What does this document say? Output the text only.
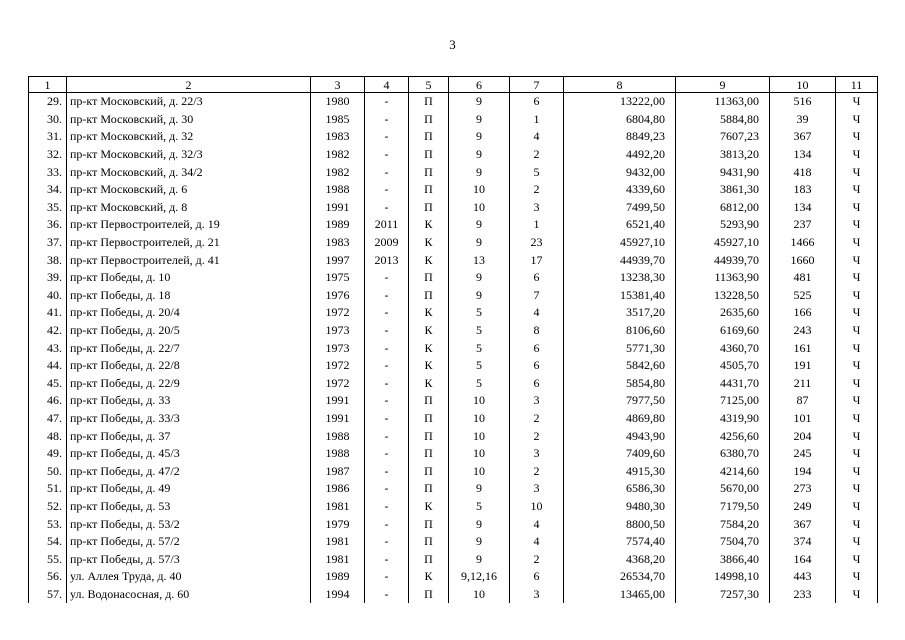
3
1	2	3	4	5	6	7	8	9	10	11
29.	пр-кт Московский, д. 22/3	1980	-	П	9	6	13222,00	11363,00	516	Ч
30.	пр-кт Московский, д. 30	1985	-	П	9	1	6804,80	5884,80	39	Ч
31.	пр-кт Московский, д. 32	1983	-	П	9	4	8849,23	7607,23	367	Ч
32.	пр-кт Московский, д. 32/3	1982	-	П	9	2	4492,20	3813,20	134	Ч
33.	пр-кт Московский, д. 34/2	1982	-	П	9	5	9432,00	9431,90	418	Ч
34.	пр-кт Московский, д. 6	1988	-	П	10	2	4339,60	3861,30	183	Ч
35.	пр-кт Московский, д. 8	1991	-	П	10	3	7499,50	6812,00	134	Ч
36.	пр-кт Первостроителей, д. 19	1989	2011	К	9	1	6521,40	5293,90	237	Ч
37.	пр-кт Первостроителей, д. 21	1983	2009	К	9	23	45927,10	45927,10	1466	Ч
38.	пр-кт Первостроителей, д. 41	1997	2013	К	13	17	44939,70	44939,70	1660	Ч
39.	пр-кт Победы, д. 10	1975	-	П	9	6	13238,30	11363,90	481	Ч
40.	пр-кт Победы, д. 18	1976	-	П	9	7	15381,40	13228,50	525	Ч
41.	пр-кт Победы, д. 20/4	1972	-	К	5	4	3517,20	2635,60	166	Ч
42.	пр-кт Победы, д. 20/5	1973	-	К	5	8	8106,60	6169,60	243	Ч
43.	пр-кт Победы, д. 22/7	1973	-	К	5	6	5771,30	4360,70	161	Ч
44.	пр-кт Победы, д. 22/8	1972	-	К	5	6	5842,60	4505,70	191	Ч
45.	пр-кт Победы, д. 22/9	1972	-	К	5	6	5854,80	4431,70	211	Ч
46.	пр-кт Победы, д. 33	1991	-	П	10	3	7977,50	7125,00	87	Ч
47.	пр-кт Победы, д. 33/3	1991	-	П	10	2	4869,80	4319,90	101	Ч
48.	пр-кт Победы, д. 37	1988	-	П	10	2	4943,90	4256,60	204	Ч
49.	пр-кт Победы, д. 45/3	1988	-	П	10	3	7409,60	6380,70	245	Ч
50.	пр-кт Победы, д. 47/2	1987	-	П	10	2	4915,30	4214,60	194	Ч
51.	пр-кт Победы, д. 49	1986	-	П	9	3	6586,30	5670,00	273	Ч
52.	пр-кт Победы, д. 53	1981	-	К	5	10	9480,30	7179,50	249	Ч
53.	пр-кт Победы, д. 53/2	1979	-	П	9	4	8800,50	7584,20	367	Ч
54.	пр-кт Победы, д. 57/2	1981	-	П	9	4	7574,40	7504,70	374	Ч
55.	пр-кт Победы, д. 57/3	1981	-	П	9	2	4368,20	3866,40	164	Ч
56.	ул. Аллея Труда, д. 40	1989	-	К	9,12,16	6	26534,70	14998,10	443	Ч
57.	ул. Водонасосная, д. 60	1994	-	П	10	3	13465,00	7257,30	233	Ч
